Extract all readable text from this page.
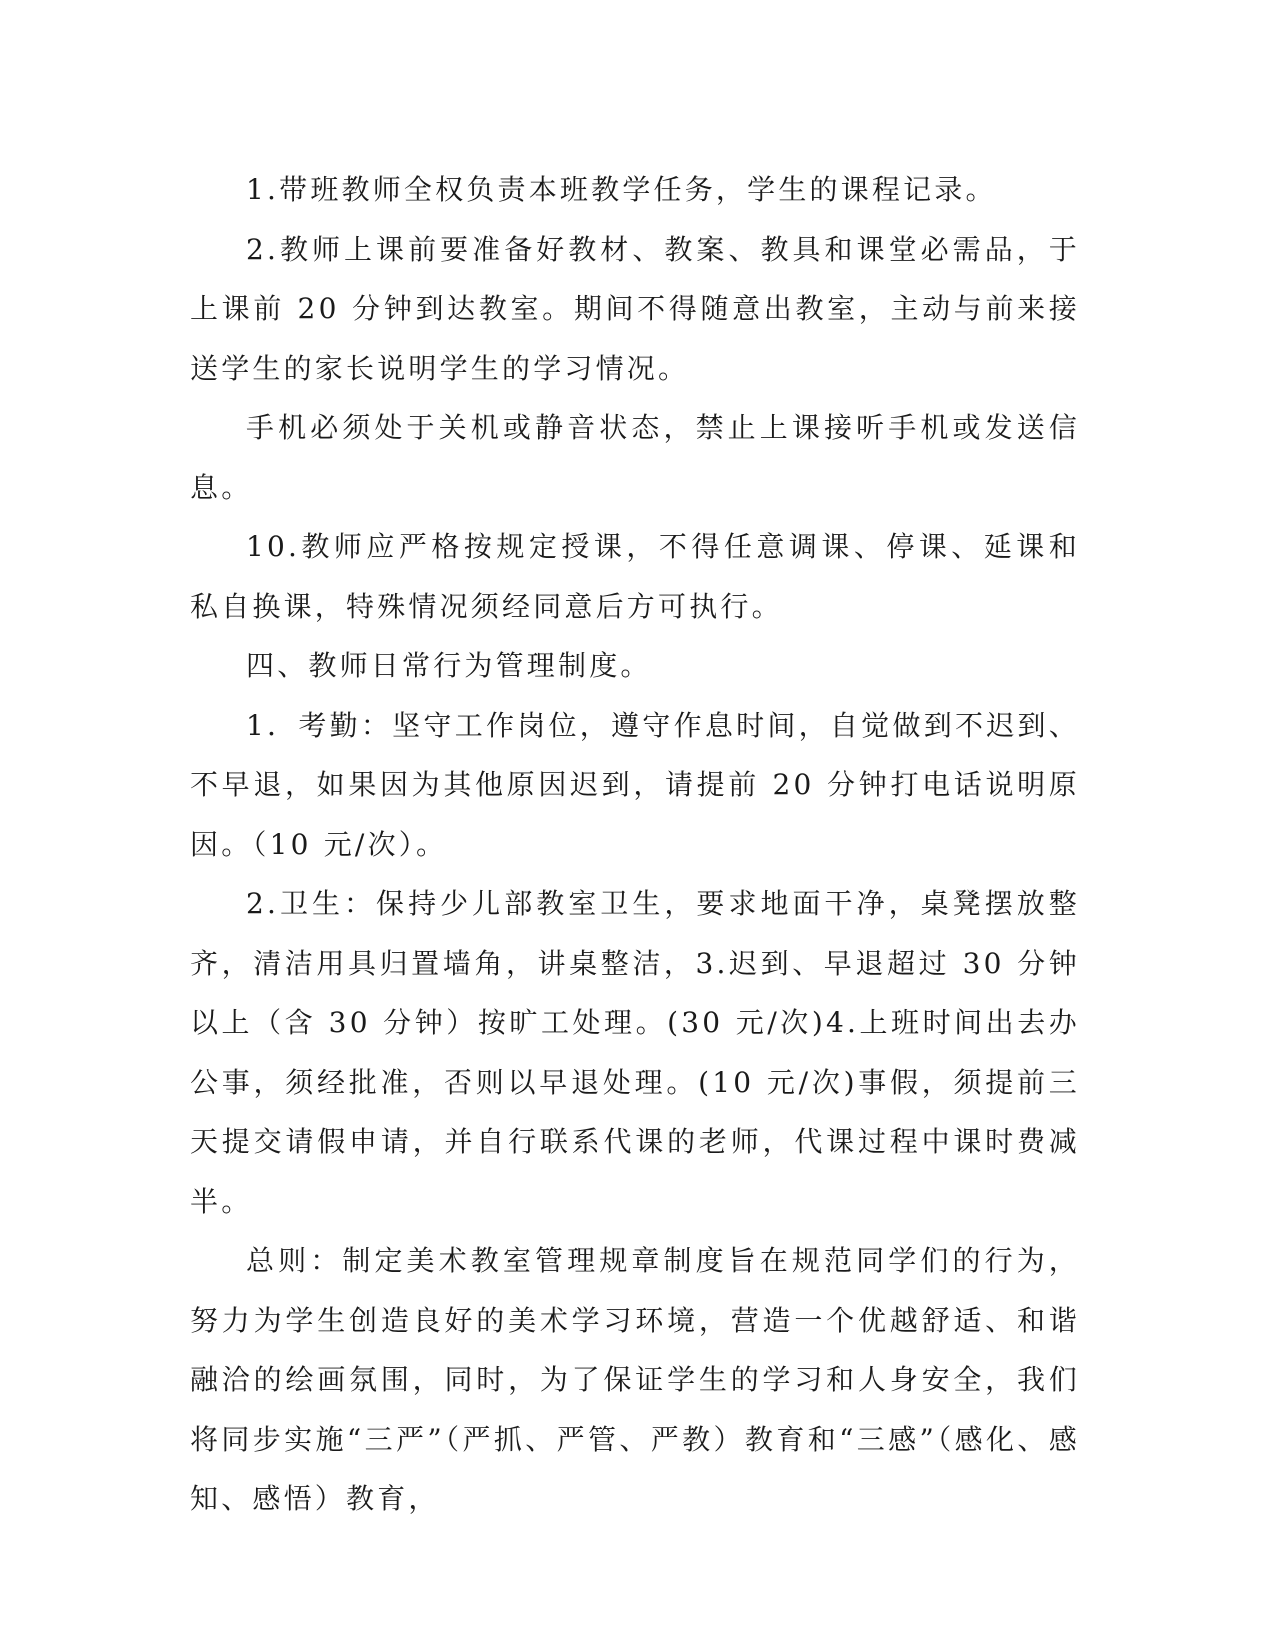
1.带班教师全权负责本班教学任务，学生的课程记录。

2.教师上课前要准备好教材、教案、教具和课堂必需品，于上课前 20 分钟到达教室。期间不得随意出教室，主动与前来接送学生的家长说明学生的学习情况。

手机必须处于关机或静音状态，禁止上课接听手机或发送信息。

10.教师应严格按规定授课，不得任意调课、停课、延课和私自换课，特殊情况须经同意后方可执行。

四、教师日常行为管理制度。

1．考勤：坚守工作岗位，遵守作息时间，自觉做到不迟到、不早退，如果因为其他原因迟到，请提前 20 分钟打电话说明原因。（10 元/次）。

2.卫生：保持少儿部教室卫生，要求地面干净，桌凳摆放整齐，清洁用具归置墙角，讲桌整洁，3.迟到、早退超过 30 分钟以上（含 30 分钟）按旷工处理。(30 元/次)4.上班时间出去办公事，须经批准，否则以早退处理。(10 元/次)事假，须提前三天提交请假申请，并自行联系代课的老师，代课过程中课时费减半。

总则：制定美术教室管理规章制度旨在规范同学们的行为，努力为学生创造良好的美术学习环境，营造一个优越舒适、和谐融洽的绘画氛围，同时，为了保证学生的学习和人身安全，我们将同步实施“三严”（严抓、严管、严教）教育和“三感”（感化、感知、感悟）教育，
